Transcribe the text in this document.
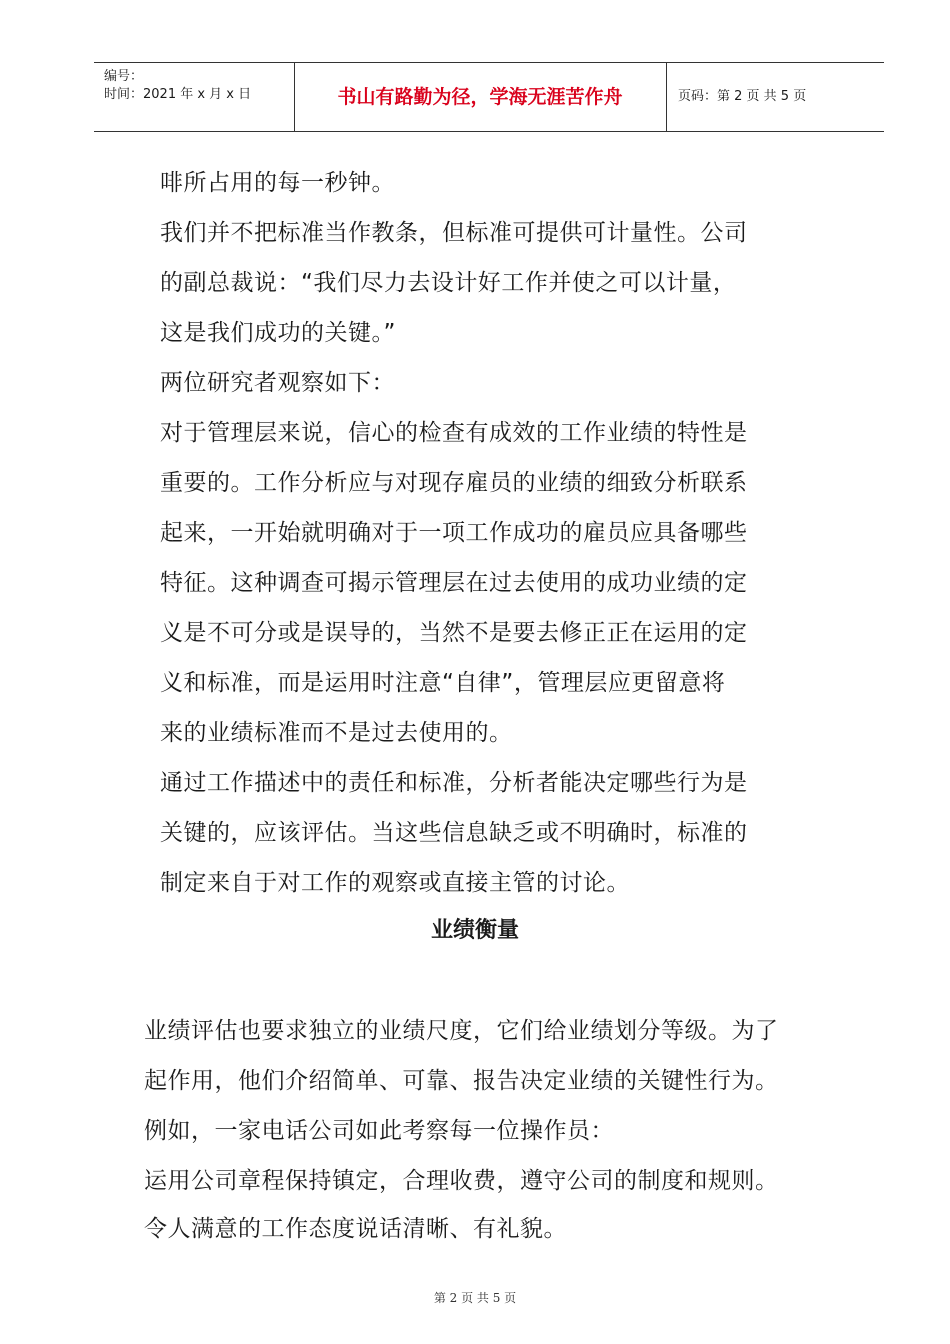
编号：
时间：2021 年 x 月 x 日	书山有路勤为径，学海无涯苦作舟	页码：第 2 页 共 5 页
啡所占用的每一秒钟。
我们并不把标准当作教条，但标准可提供可计量性。公司
的副总裁说：“我们尽力去设计好工作并使之可以计量，
这是我们成功的关键。”
两位研究者观察如下：
对于管理层来说，信心的检查有成效的工作业绩的特性是
重要的。工作分析应与对现存雇员的业绩的细致分析联系
起来，一开始就明确对于一项工作成功的雇员应具备哪些
特征。这种调查可揭示管理层在过去使用的成功业绩的定
义是不可分或是误导的，当然不是要去修正正在运用的定
义和标准，而是运用时注意“自律”，管理层应更留意将
来的业绩标准而不是过去使用的。
通过工作描述中的责任和标准，分析者能决定哪些行为是
关键的，应该评估。当这些信息缺乏或不明确时，标准的
制定来自于对工作的观察或直接主管的讨论。
业绩衡量
业绩评估也要求独立的业绩尺度，它们给业绩划分等级。为了
起作用，他们介绍简单、可靠、报告决定业绩的关键性行为。
例如，一家电话公司如此考察每一位操作员：
运用公司章程保持镇定，合理收费，遵守公司的制度和规则。
令人满意的工作态度说话清晰、有礼貌。
第 2 页 共 5 页
